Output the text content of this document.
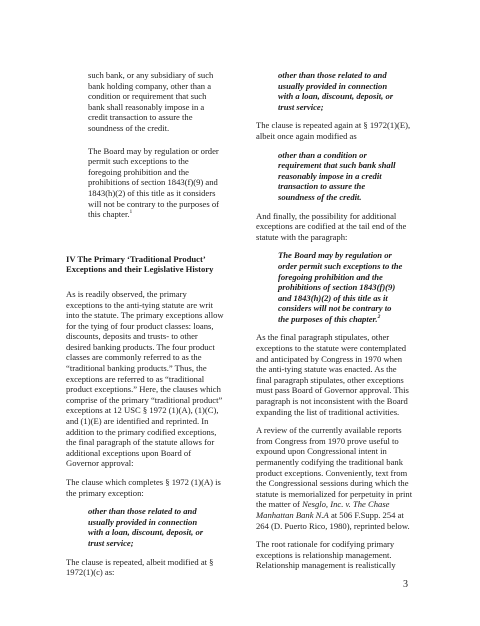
such bank, or any subsidiary of such bank holding company, other than a condition or requirement that such bank shall reasonably impose in a credit transaction to assure the soundness of the credit.

The Board may by regulation or order permit such exceptions to the foregoing prohibition and the prohibitions of section 1843(f)(9) and 1843(h)(2) of this title as it considers will not be contrary to the purposes of this chapter.$^1$

IV The Primary ‘Traditional Product’ Exceptions and their Legislative History

As is readily observed, the primary exceptions to the anti-tying statute are writ into the statute. The primary exceptions allow for the tying of four product classes: loans, discounts, deposits and trusts- to other desired banking products. The four product classes are commonly referred to as the “traditional banking products.” Thus, the exceptions are referred to as “traditional product exceptions.” Here, the clauses which comprise of the primary “traditional product” exceptions at 12 USC § 1972 (1)(A), (1)(C), and (1)(E) are identified and reprinted. In addition to the primary codified exceptions, the final paragraph of the statute allows for additional exceptions upon Board of Governor approval:

The clause which completes § 1972 (1)(A) is the primary exception:

other than those related to and usually provided in connection with a loan, discount, deposit, or trust service;

The clause is repeated, albeit modified at § 1972(1)(c) as:

other than those related to and usually provided in connection with a loan, discount, deposit, or trust service;

The clause is repeated again at § 1972(1)(E), albeit once again modified as

other than a condition or requirement that such bank shall reasonably impose in a credit transaction to assure the soundness of the credit.

And finally, the possibility for additional exceptions are codified at the tail end of the statute with the paragraph:

The Board may by regulation or order permit such exceptions to the foregoing prohibition and the prohibitions of section 1843(f)(9) and 1843(h)(2) of this title as it considers will not be contrary to the purposes of this chapter.$^2$

As the final paragraph stipulates, other exceptions to the statute were contemplated and anticipated by Congress in 1970 when the anti-tying statute was enacted. As the final paragraph stipulates, other exceptions must pass Board of Governor approval. This paragraph is not inconsistent with the Board expanding the list of traditional activities.

A review of the currently available reports from Congress from 1970 prove useful to expound upon Congressional intent in permanently codifying the traditional bank product exceptions. Conveniently, text from the Congressional sessions during which the statute is memorialized for perpetuity in print the matter of Nesglo, Inc. v. The Chase Manhattan Bank N.A at 506 F.Supp. 254 at 264 (D. Puerto Rico, 1980), reprinted below.

The root rationale for codifying primary exceptions is relationship management. Relationship management is realistically

3
